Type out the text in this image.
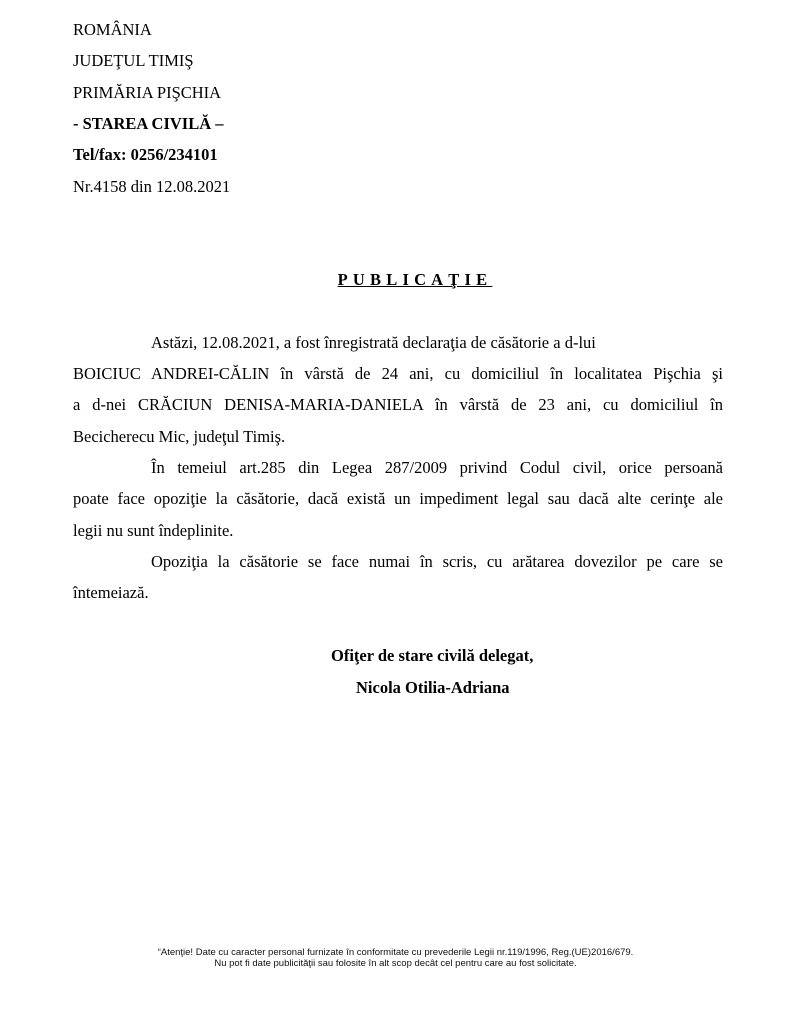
ROMÂNIA
JUDEŢUL TIMIŞ
PRIMĂRIA PIŞCHIA
- STAREA CIVILĂ –
Tel/fax: 0256/234101
Nr.4158 din 12.08.2021
PUBLICAŢIE
Astăzi, 12.08.2021, a fost înregistrată declaraţia de căsătorie a d-lui
BOICIUC ANDREI-CĂLIN în vârstă de 24 ani, cu domiciliul în localitatea Pişchia şi
a d-nei CRĂCIUN DENISA-MARIA-DANIELA în vârstă de 23 ani, cu domiciliul în
Becicherecu Mic, judeţul Timiş.
În temeiul art.285 din Legea 287/2009 privind Codul civil, orice persoană
poate face opoziţie la căsătorie, dacă există un impediment legal sau dacă alte cerinţe ale
legii nu sunt îndeplinite.
Opoziţia la căsătorie se face numai în scris, cu arătarea dovezilor pe care se
întemeiază.
Ofiţer de stare civilă delegat,
Nicola Otilia-Adriana
“Atenţie! Date cu caracter personal furnizate în conformitate cu prevederile Legii nr.119/1996, Reg.(UE)2016/679.
Nu pot fi date publicităţii sau folosite în alt scop decât cel pentru care au fost solicitate.
